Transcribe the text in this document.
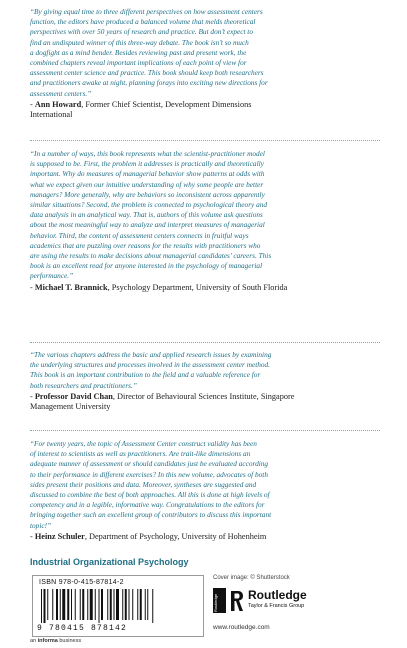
“By giving equal time to three different perspectives on how assessment centers
function, the editors have produced a balanced volume that melds theoretical
perspectives with over 50 years of research and practice. But don’t expect to
find an undisputed winner of this three-way debate. The book isn’t so much
a dogfight as a mind bender. Besides reviewing past and present work, the
combined chapters reveal important implications of each point of view for
assessment center science and practice. This book should keep both researchers
and practitioners awake at night, planning forays into exciting new directions for
assessment centers.”

- Ann Howard, Former Chief Scientist, Development Dimensions
International

“In a number of ways, this book represents what the scientist-practitioner model
is supposed to be. First, the problem it addresses is practically and theoretically
important. Why do measures of managerial behavior show patterns at odds with
what we expect given our intuitive understanding of why some people are better
managers? More generally, why are behaviors so inconsistent across apparently
similar situations? Second, the problem is connected to psychological theory and
data analysis in an analytical way. That is, authors of this volume ask questions
about the most meaningful way to analyze and interpret measures of managerial
behavior. Third, the content of assessment centers connects in fruitful ways
academics that are puzzling over reasons for the results with practitioners who
are using the results to make decisions about managerial candidates’ careers. This
book is an excellent read for anyone interested in the psychology of managerial
performance.”

- Michael T. Brannick, Psychology Department, University of South Florida

“The various chapters address the basic and applied research issues by examining
the underlying structures and processes involved in the assessment center method.
This book is an important contribution to the field and a valuable reference for
both researchers and practitioners.”

- Professor David Chan, Director of Behavioural Sciences Institute, Singapore
Management University

“For twenty years, the topic of Assessment Center construct validity has been
of interest to scientists as well as practitioners. Are trait-like dimensions an
adequate manner of assessment or should candidates just be evaluated according
to their performance in different exercises? In this new volume, advocates of both
sides present their positions and data. Moreover, syntheses are suggested and
discussed to combine the best of both approaches. All this is done at high levels of
competency and in a legible, informative way. Congratulations to the editors for
bringing together such an excellent group of contributors to discuss this important
topic!”

- Heinz Schuler, Department of Psychology, University of Hohenheim

Industrial Organizational Psychology
ISBN 978-0-415-87814-2
9 780415 878142
Cover image: © Shutterstock
Routledge	Routledge
Taylor & Francis Group
www.routledge.com
an informa business
